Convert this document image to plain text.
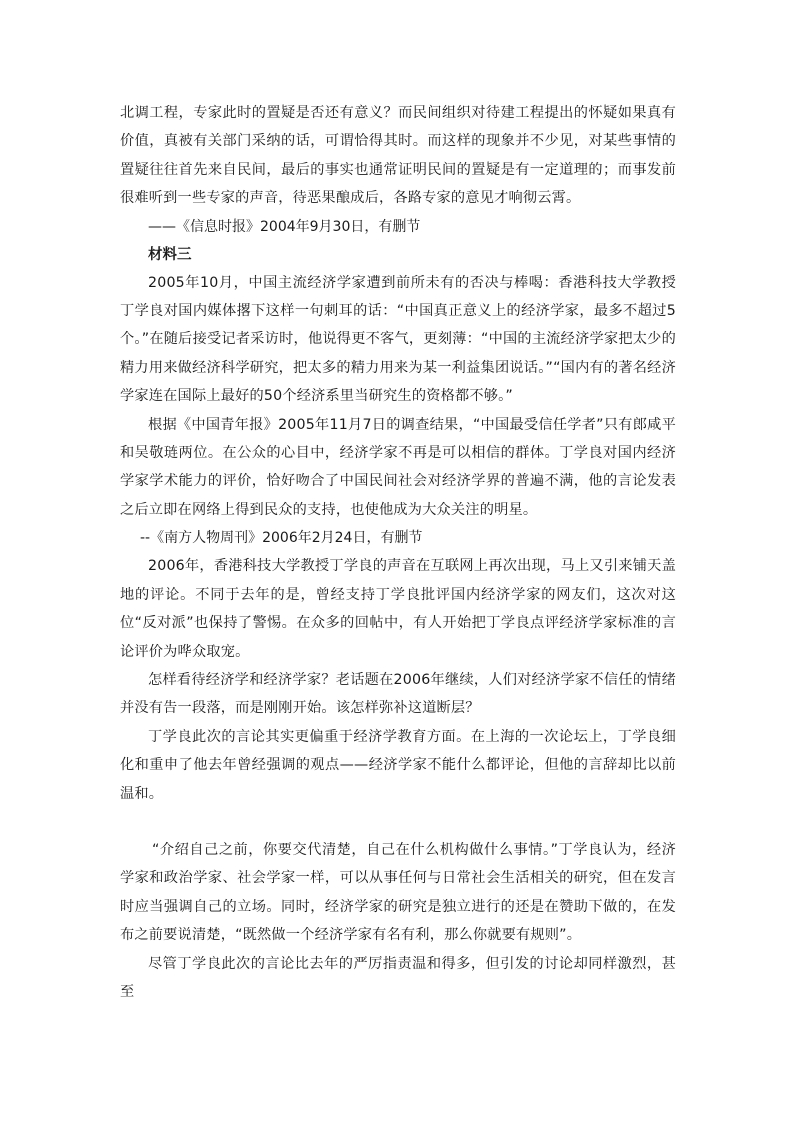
北调工程，专家此时的置疑是否还有意义？而民间组织对待建工程提出的怀疑如果真有价值，真被有关部门采纳的话，可谓恰得其时。而这样的现象并不少见，对某些事情的置疑往往首先来自民间，最后的事实也通常证明民间的置疑是有一定道理的；而事发前很难听到一些专家的声音，待恶果酿成后，各路专家的意见才响彻云霄。

——《信息时报》2004年9月30日，有删节

材料三

2005年10月，中国主流经济学家遭到前所未有的否决与棒喝：香港科技大学教授丁学良对国内媒体撂下这样一句刺耳的话：“中国真正意义上的经济学家，最多不超过5个。”在随后接受记者采访时，他说得更不客气，更刻薄：“中国的主流经济学家把太少的精力用来做经济科学研究，把太多的精力用来为某一利益集团说话。”“国内有的著名经济学家连在国际上最好的50个经济系里当研究生的资格都不够。”

根据《中国青年报》2005年11月7日的调查结果，“中国最受信任学者”只有郎咸平和吴敬琏两位。在公众的心目中，经济学家不再是可以相信的群体。丁学良对国内经济学家学术能力的评价，恰好吻合了中国民间社会对经济学界的普遍不满，他的言论发表之后立即在网络上得到民众的支持，也使他成为大众关注的明星。

--《南方人物周刊》2006年2月24日，有删节

2006年，香港科技大学教授丁学良的声音在互联网上再次出现，马上又引来铺天盖地的评论。不同于去年的是，曾经支持丁学良批评国内经济学家的网友们，这次对这位“反对派”也保持了警惕。在众多的回帖中，有人开始把丁学良点评经济学家标准的言论评价为哗众取宠。

怎样看待经济学和经济学家？老话题在2006年继续，人们对经济学家不信任的情绪并没有告一段落，而是刚刚开始。该怎样弥补这道断层？

丁学良此次的言论其实更偏重于经济学教育方面。在上海的一次论坛上，丁学良细化和重申了他去年曾经强调的观点——经济学家不能什么都评论，但他的言辞却比以前温和。

“介绍自己之前，你要交代清楚，自己在什么机构做什么事情。”丁学良认为，经济学家和政治学家、社会学家一样，可以从事任何与日常社会生活相关的研究，但在发言时应当强调自己的立场。同时，经济学家的研究是独立进行的还是在赞助下做的，在发布之前要说清楚，“既然做一个经济学家有名有利，那么你就要有规则”。

尽管丁学良此次的言论比去年的严厉指责温和得多，但引发的讨论却同样激烈，甚至
